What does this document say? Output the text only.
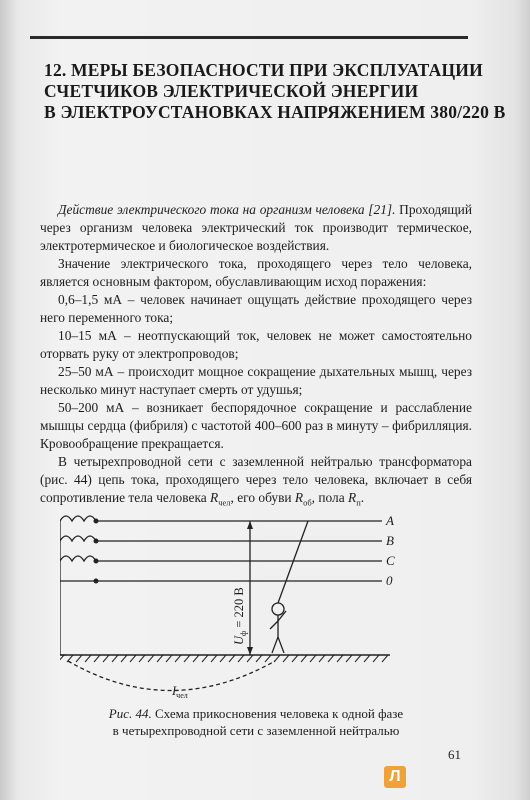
12. МЕРЫ БЕЗОПАСНОСТИ ПРИ ЭКСПЛУАТАЦИИ
СЧЕТЧИКОВ ЭЛЕКТРИЧЕСКОЙ ЭНЕРГИИ
В ЭЛЕКТРОУСТАНОВКАХ НАПРЯЖЕНИЕМ 380/220 В

Действие электрического тока на организм человека [21]. Проходящий через организм человека электрический ток производит термическое, электротермическое и биологическое воздействия.

Значение электрического тока, проходящего через тело человека, является основным фактором, обуславливающим исход поражения:

0,6–1,5 мА – человек начинает ощущать действие проходящего через него переменного тока;

10–15 мА – неотпускающий ток, человек не может самостоятельно оторвать руку от электропроводов;

25–50 мА – происходит мощное сокращение дыхательных мышц, через несколько минут наступает смерть от удушья;

50–200 мА – возникает беспорядочное сокращение и расслабление мышцы сердца (фибриля) с частотой 400–600 раз в минуту – фибрилляция. Кровообращение прекращается.

В четырехпроводной сети с заземленной нейтралью трансформатора (рис. 44) цепь тока, проходящего через тело человека, включает в себя сопротивление тела человека $R_{чел}$, его обуви $R_{об}$, пола $R_п$.

A
B
C
0
$U_ф = 220$ В
$I_{чел}$
Рис. 44. Схема прикосновения человека к одной фазе
в четырехпроводной сети с заземленной нейтралью
61
Л
